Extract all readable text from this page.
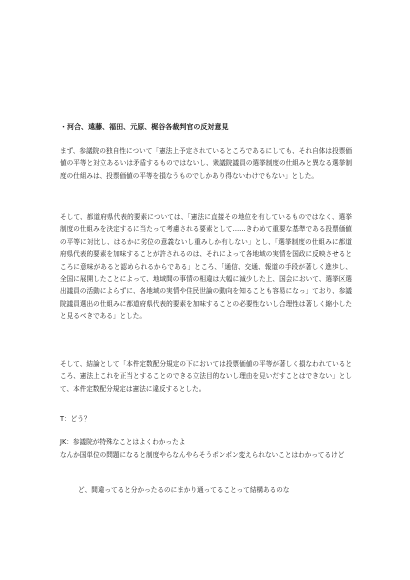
・河合、遠藤、福田、元原、梶谷各裁判官の反対意見

まず、参議院の独自性について「憲法上予定されているところであるにしても、それ自体は投票価値の平等と対立あるいは矛盾するものではないし、衆議院議員の選挙制度の仕組みと異なる選挙制度の仕組みは、投票価値の平等を損なうものでしかあり得ないわけでもない」とした。

そして、都道府県代表的要素については、「憲法に直接その地位を有しているものではなく、選挙制度の仕組みを決定するに当たって考慮される要素として……きわめて重要な基準である投票価値の平等に対比し、はるかに劣位の意義ないし重みしか有しない」とし、「選挙制度の仕組みに都道府県代表的要素を加味することが許されるのは、それによって各地域の実情を国政に反映させるところに意味があると認められるからである」ところ、「通信、交通、報道の手段が著しく進歩し、全国に展開したことによって、地域間の事情の相違は大幅に減少した上、国会において、選挙区選出議員の活動によらずに、各地域の実情や住民世論の動向を知ることも容易になっ」ており、参議院議員選出の仕組みに都道府県代表的要素を加味することの必要性ないし合理性は著しく縮小したと見るべきである」とした。

そして、結論として「本件定数配分規定の下においては投票価値の平等が著しく損なわれているところ、憲法上これを正当とすることのできる立法目的ないし理由を見いだすことはできない」として、本件定数配分規定は憲法に違反するとした。

T：どう？

JK：参議院が特殊なことはよくわかったよ

なんか国単位の問題になると制度やらなんやらそうポンポン変えられないことはわかってるけど

ど、間違ってると分かったるのにまかり通ってることって結構あるのな
